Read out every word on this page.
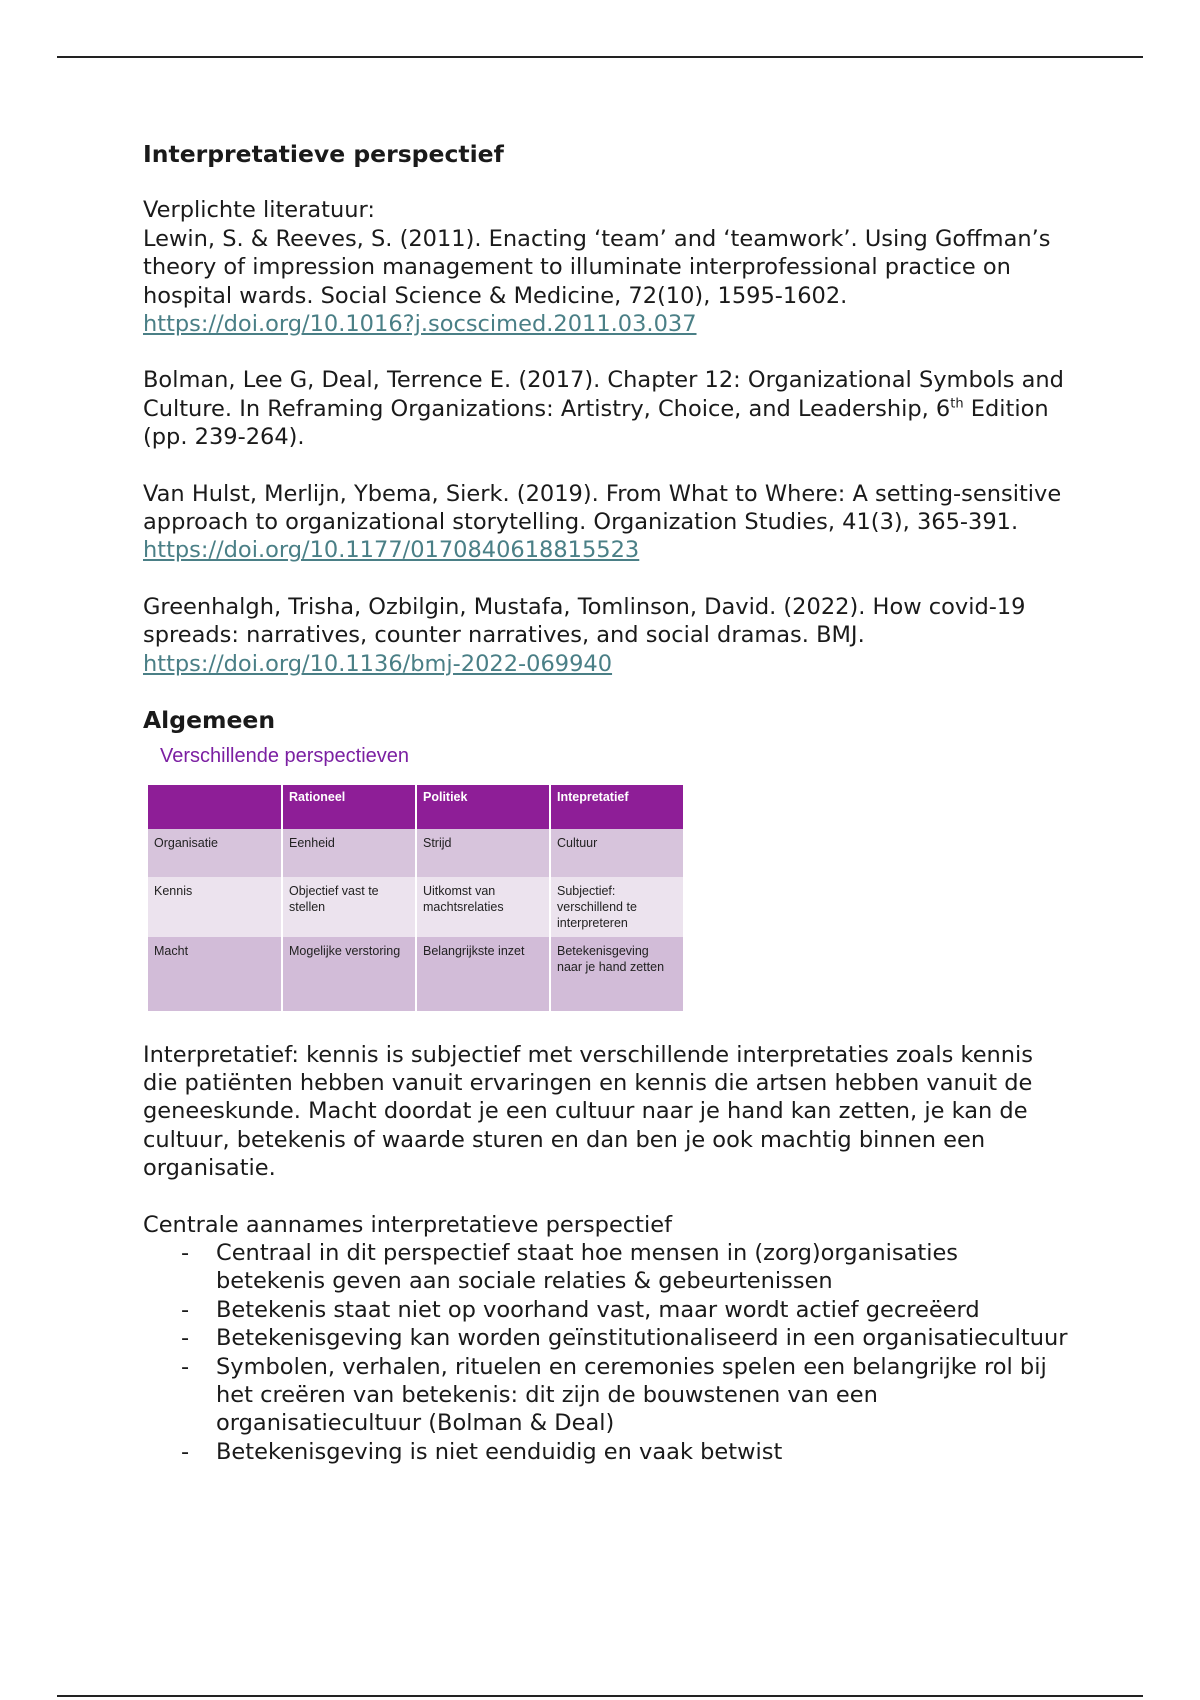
Interpretatieve perspectief

Verplichte literatuur:

Lewin, S. & Reeves, S. (2011). Enacting ‘team’ and ‘teamwork’. Using Goffman’s theory of impression management to illuminate interprofessional practice on hospital wards. Social Science & Medicine, 72(10), 1595-1602. https://doi.org/10.1016?j.socscimed.2011.03.037

Bolman, Lee G, Deal, Terrence E. (2017). Chapter 12: Organizational Symbols and Culture. In Reframing Organizations: Artistry, Choice, and Leadership, 6th Edition (pp. 239-264).

Van Hulst, Merlijn, Ybema, Sierk. (2019). From What to Where: A setting-sensitive approach to organizational storytelling. Organization Studies, 41(3), 365-391. https://doi.org/10.1177/0170840618815523

Greenhalgh, Trisha, Ozbilgin, Mustafa, Tomlinson, David. (2022). How covid-19 spreads: narratives, counter narratives, and social dramas. BMJ. https://doi.org/10.1136/bmj-2022-069940

Algemeen

Verschillende perspectieven
	Rationeel	Politiek	Intepretatief
Organisatie	Eenheid	Strijd	Cultuur
Kennis	Objectief vast te stellen	Uitkomst van machtsrelaties	Subjectief: verschillend te interpreteren
Macht	Mogelijke verstoring	Belangrijkste inzet	Betekenisgeving naar je hand zetten

Interpretatief: kennis is subjectief met verschillende interpretaties zoals kennis die patiënten hebben vanuit ervaringen en kennis die artsen hebben vanuit de geneeskunde. Macht doordat je een cultuur naar je hand kan zetten, je kan de cultuur, betekenis of waarde sturen en dan ben je ook machtig binnen een organisatie.

Centrale aannames interpretatieve perspectief

- Centraal in dit perspectief staat hoe mensen in (zorg)organisaties betekenis geven aan sociale relaties & gebeurtenissen
- Betekenis staat niet op voorhand vast, maar wordt actief gecreëerd
- Betekenisgeving kan worden geïnstitutionaliseerd in een organisatiecultuur
- Symbolen, verhalen, rituelen en ceremonies spelen een belangrijke rol bij het creëren van betekenis: dit zijn de bouwstenen van een organisatiecultuur (Bolman & Deal)
- Betekenisgeving is niet eenduidig en vaak betwist
